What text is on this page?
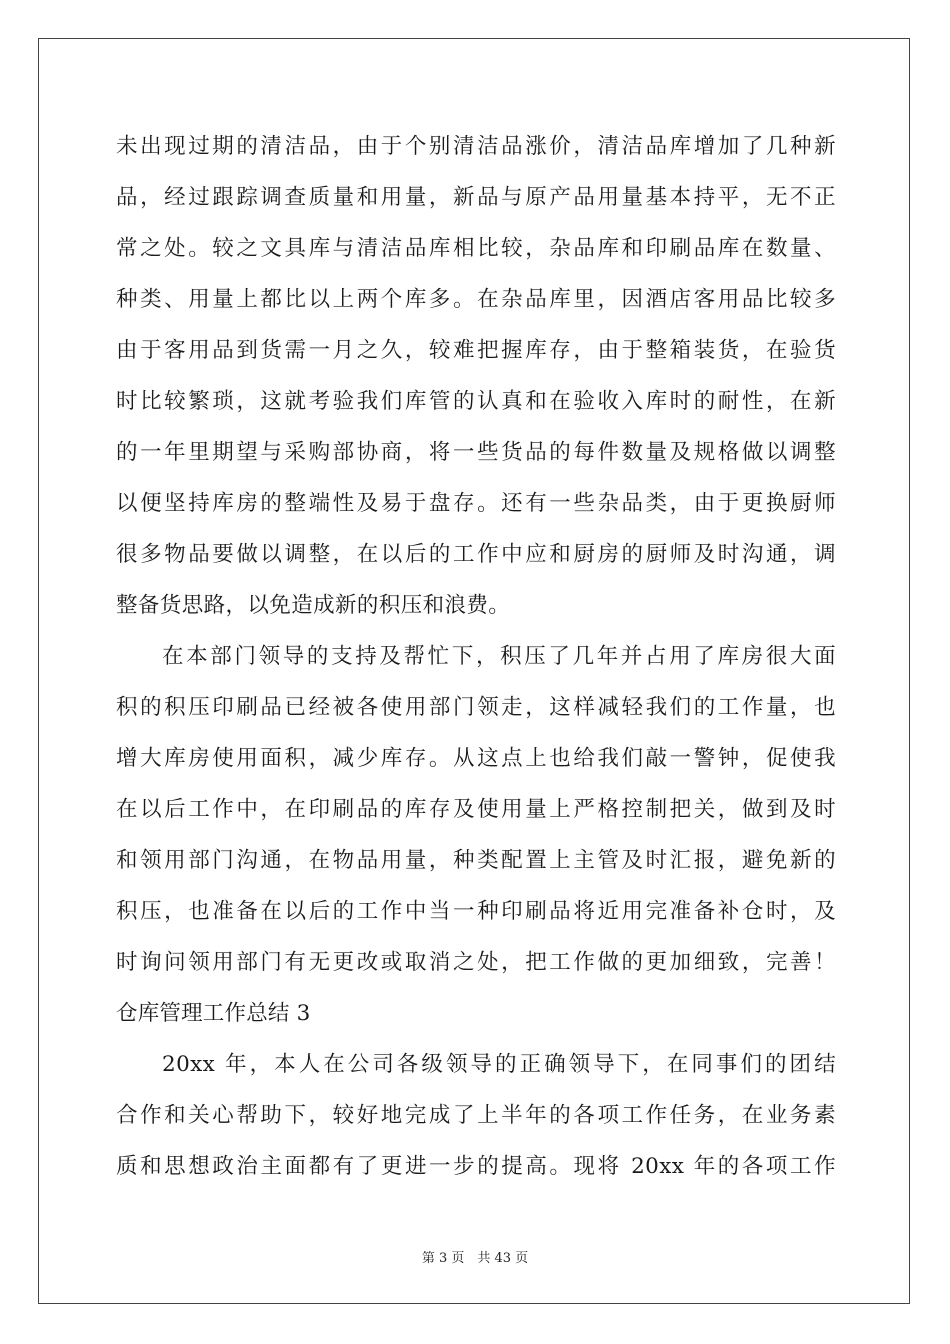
未出现过期的清洁品，由于个别清洁品涨价，清洁品库增加了几种新
品，经过跟踪调查质量和用量，新品与原产品用量基本持平，无不正
常之处。较之文具库与清洁品库相比较，杂品库和印刷品库在数量、
种类、用量上都比以上两个库多。在杂品库里，因酒店客用品比较多
由于客用品到货需一月之久，较难把握库存，由于整箱装货，在验货
时比较繁琐，这就考验我们库管的认真和在验收入库时的耐性，在新
的一年里期望与采购部协商，将一些货品的每件数量及规格做以调整
以便坚持库房的整端性及易于盘存。还有一些杂品类，由于更换厨师
很多物品要做以调整，在以后的工作中应和厨房的厨师及时沟通，调
整备货思路，以免造成新的积压和浪费。
在本部门领导的支持及帮忙下，积压了几年并占用了库房很大面
积的积压印刷品已经被各使用部门领走，这样减轻我们的工作量，也
增大库房使用面积，减少库存。从这点上也给我们敲一警钟，促使我
在以后工作中，在印刷品的库存及使用量上严格控制把关，做到及时
和领用部门沟通，在物品用量，种类配置上主管及时汇报，避免新的
积压，也准备在以后的工作中当一种印刷品将近用完准备补仓时，及
时询问领用部门有无更改或取消之处，把工作做的更加细致，完善！
仓库管理工作总结 3
20xx 年，本人在公司各级领导的正确领导下，在同事们的团结
合作和关心帮助下，较好地完成了上半年的各项工作任务，在业务素
质和思想政治主面都有了更进一步的提高。现将 20xx 年的各项工作
第 3 页　共 43 页
